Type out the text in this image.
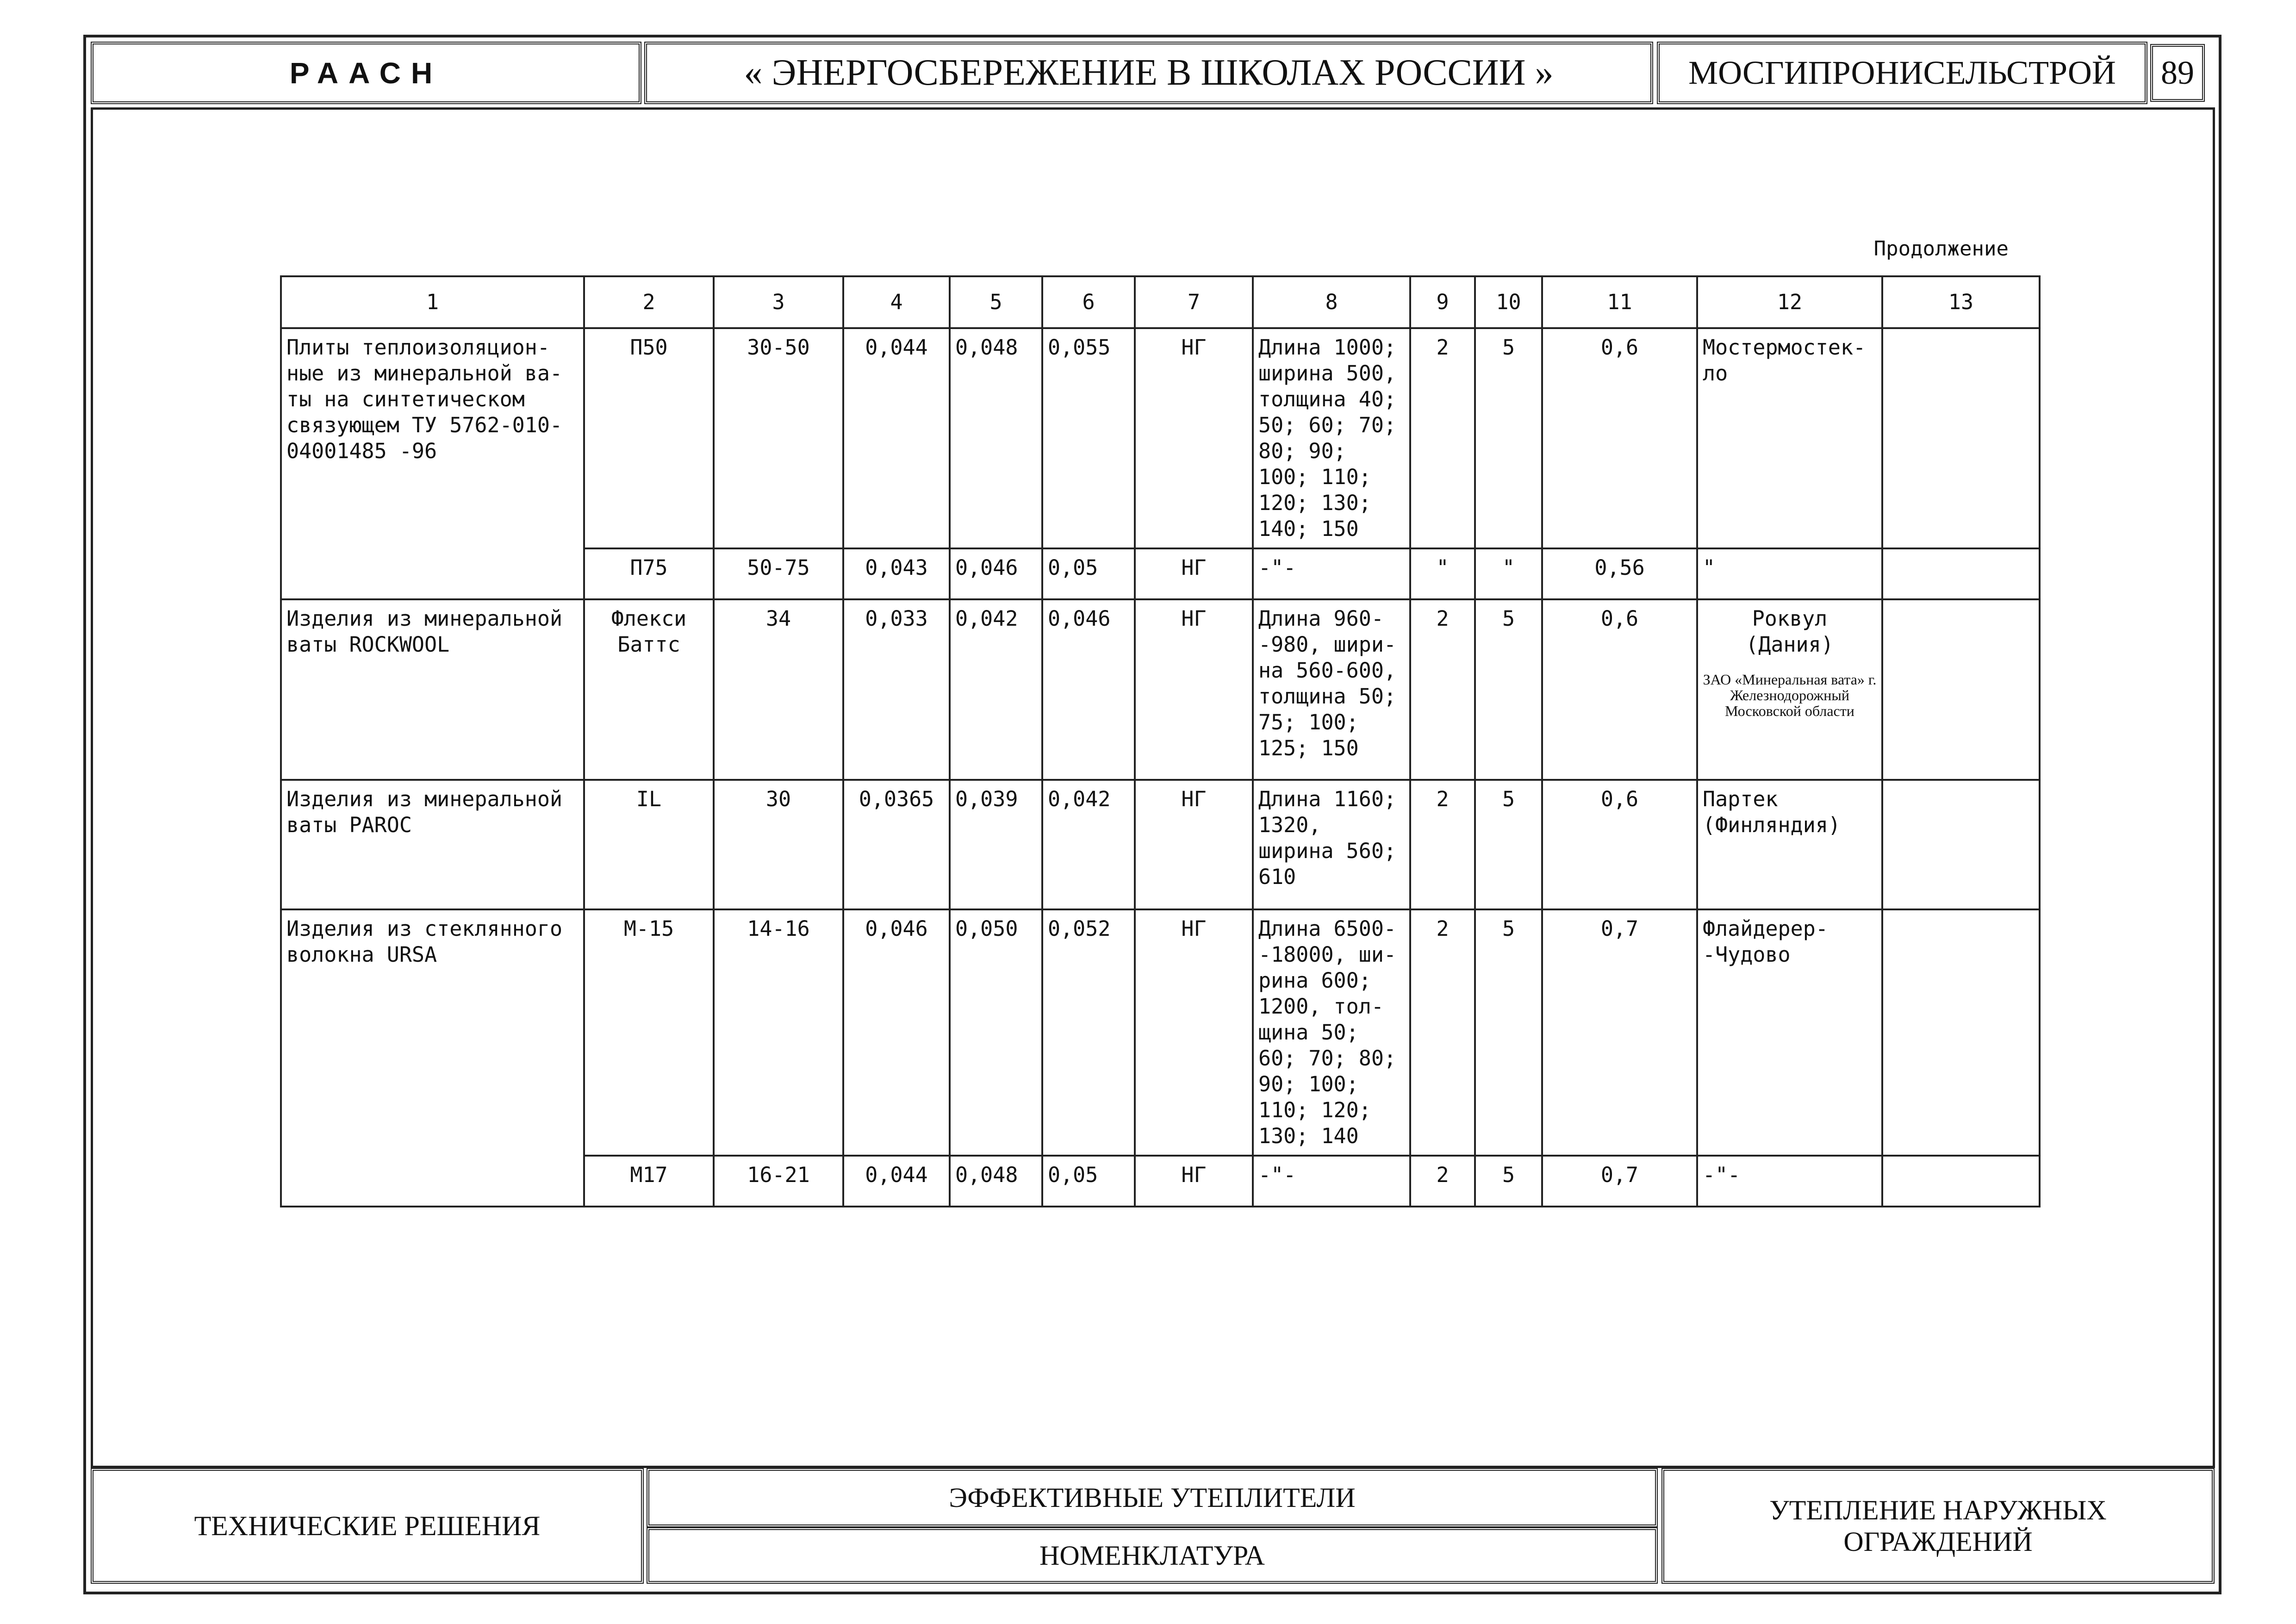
РААСН	« ЭНЕРГОСБЕРЕЖЕНИЕ В ШКОЛАХ РОССИИ »	МОСГИПРОНИСЕЛЬСТРОЙ	89
Продолжение
1	2	3	4	5	6	7	8	9	10	11	12	13
Плиты теплоизоляцион-ные из минеральной ва-ты на синтетическом связующем ТУ 5762-010-04001485 -96	П50	30-50	0,044	0,048	0,055	НГ	Длина 1000; ширина 500, толщина 40; 50; 60; 70; 80; 90; 100; 110; 120; 130; 140; 150	2	5	0,6	Мостермостек-ло	
	П75	50-75	0,043	0,046	0,05	НГ	-"-	"	"	0,56	"	
Изделия из минеральной ваты ROCKWOOL	Флекси Баттс	34	0,033	0,042	0,046	НГ	Длина 960- -980, шири-на 560-600, толщина 50; 75; 100; 125; 150	2	5	0,6	Роквул (Дания)
ЗАО «Минеральная вата» г. Железнодорожный Московской области	

Изделия из минеральной ваты PAROC	IL	30	0,0365	0,039	0,042	НГ	Длина 1160; 1320, ширина 560; 610	2	5	0,6	Партек (Финляндия)	
Изделия из стеклянного волокна URSA	М-15	14-16	0,046	0,050	0,052	НГ	Длина 6500- -18000, ши-рина 600; 1200, тол-щина 50; 60; 70; 80; 90; 100; 110; 120; 130; 140	2	5	0,7	Флайдерер- -Чудово	
	М17	16-21	0,044	0,048	0,05	НГ	-"-	2	5	0,7	-"-	
ТЕХНИЧЕСКИЕ РЕШЕНИЯ
ЭФФЕКТИВНЫЕ УТЕПЛИТЕЛИ
НОМЕНКЛАТУРА
УТЕПЛЕНИЕ НАРУЖНЫХ ОГРАЖДЕНИЙ
